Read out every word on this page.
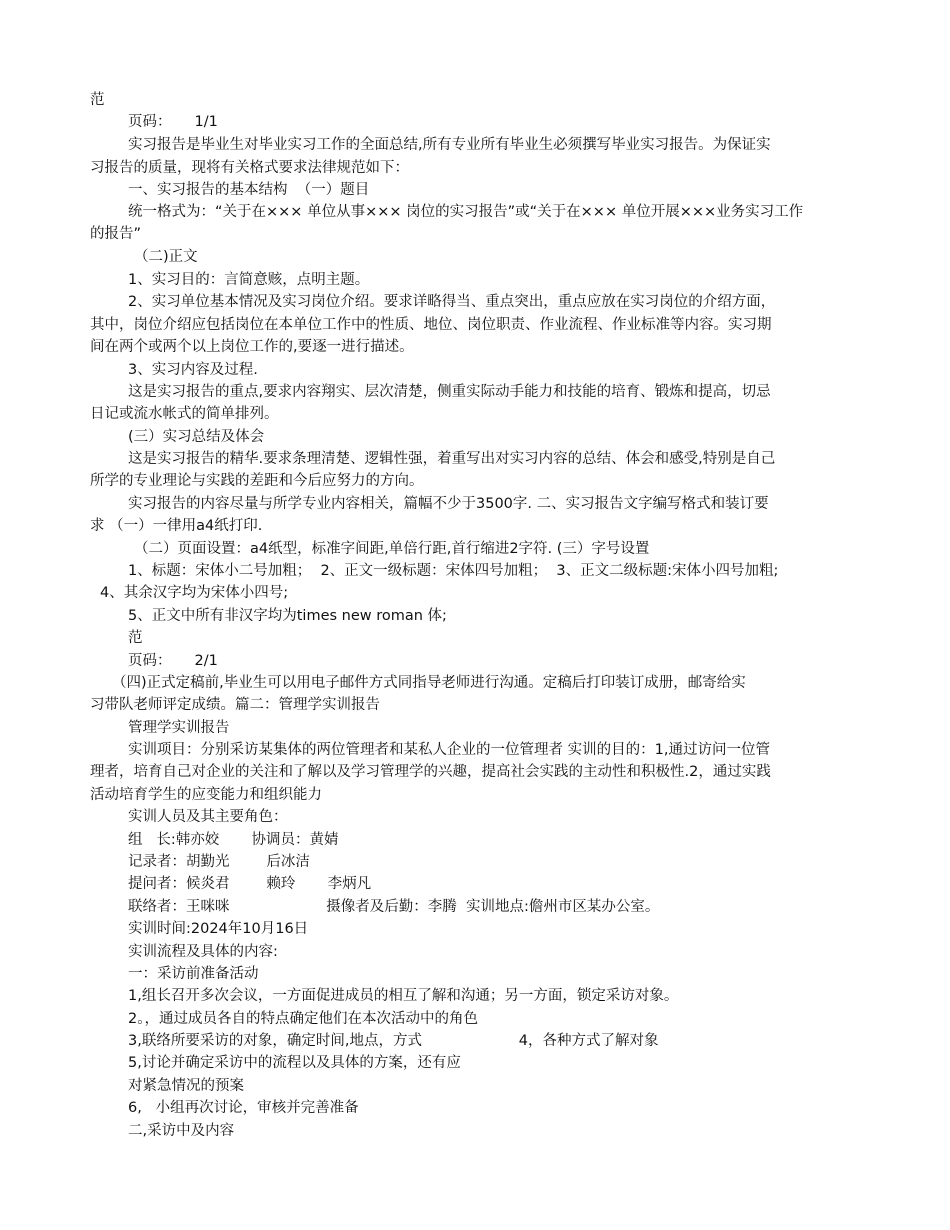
范
页码：     1/1
实习报告是毕业生对毕业实习工作的全面总结,所有专业所有毕业生必须撰写毕业实习报告。为保证实
习报告的质量，现将有关格式要求法律规范如下：
一、实习报告的基本结构  （一）题目
统一格式为：“关于在××× 单位从事××× 岗位的实习报告”或“关于在××× 单位开展×××业务实习工作
的报告”
（二)正文
1、实习目的：言简意赅，点明主题。
2、实习单位基本情况及实习岗位介绍。要求详略得当、重点突出，重点应放在实习岗位的介绍方面，
其中，岗位介绍应包括岗位在本单位工作中的性质、地位、岗位职责、作业流程、作业标准等内容。实习期
间在两个或两个以上岗位工作的,要逐一进行描述。
3、实习内容及过程.
这是实习报告的重点,要求内容翔实、层次清楚，侧重实际动手能力和技能的培育、锻炼和提高，切忌
日记或流水帐式的简单排列。
(三）实习总结及体会
这是实习报告的精华.要求条理清楚、逻辑性强，着重写出对实习内容的总结、体会和感受,特别是自己
所学的专业理论与实践的差距和今后应努力的方向。
实习报告的内容尽量与所学专业内容相关，篇幅不少于3500字. 二、实习报告文字编写格式和装订要
求 （一）一律用a4纸打印.
（二）页面设置：a4纸型，标准字间距,单倍行距,首行缩进2字符. (三）字号设置
1、标题：宋体小二号加粗；  2、正文一级标题：宋体四号加粗；  3、正文二级标题:宋体小四号加粗;
4、其余汉字均为宋体小四号;
5、正文中所有非汉字均为times new roman 体;
范
页码：     2/1
（四)正式定稿前,毕业生可以用电子邮件方式同指导老师进行沟通。定稿后打印装订成册，邮寄给实
习带队老师评定成绩。篇二：管理学实训报告
管理学实训报告
实训项目：分别采访某集体的两位管理者和某私人企业的一位管理者 实训的目的：1,通过访问一位管
理者，培育自己对企业的关注和了解以及学习管理学的兴趣，提高社会实践的主动性和积极性.2，通过实践
活动培育学生的应变能力和组织能力
实训人员及其主要角色：
组   长:韩亦姣       协调员：黄婧
记录者：胡勤光        后冰洁
提问者：候炎君        赖玲       李炳凡
联络者：王咪咪                     摄像者及后勤：李腾  实训地点:儋州市区某办公室。
实训时间:2024年10月16日
实训流程及具体的内容:
一：采访前准备活动
1,组长召开多次会议，一方面促进成员的相互了解和沟通；另一方面，锁定采访对象。
2。，通过成员各自的特点确定他们在本次活动中的角色
3,联络所要采访的对象，确定时间,地点，方式                     4，各种方式了解对象
5,讨论并确定采访中的流程以及具体的方案，还有应
对紧急情况的预案
6,   小组再次讨论，审核并完善准备
二,采访中及内容
